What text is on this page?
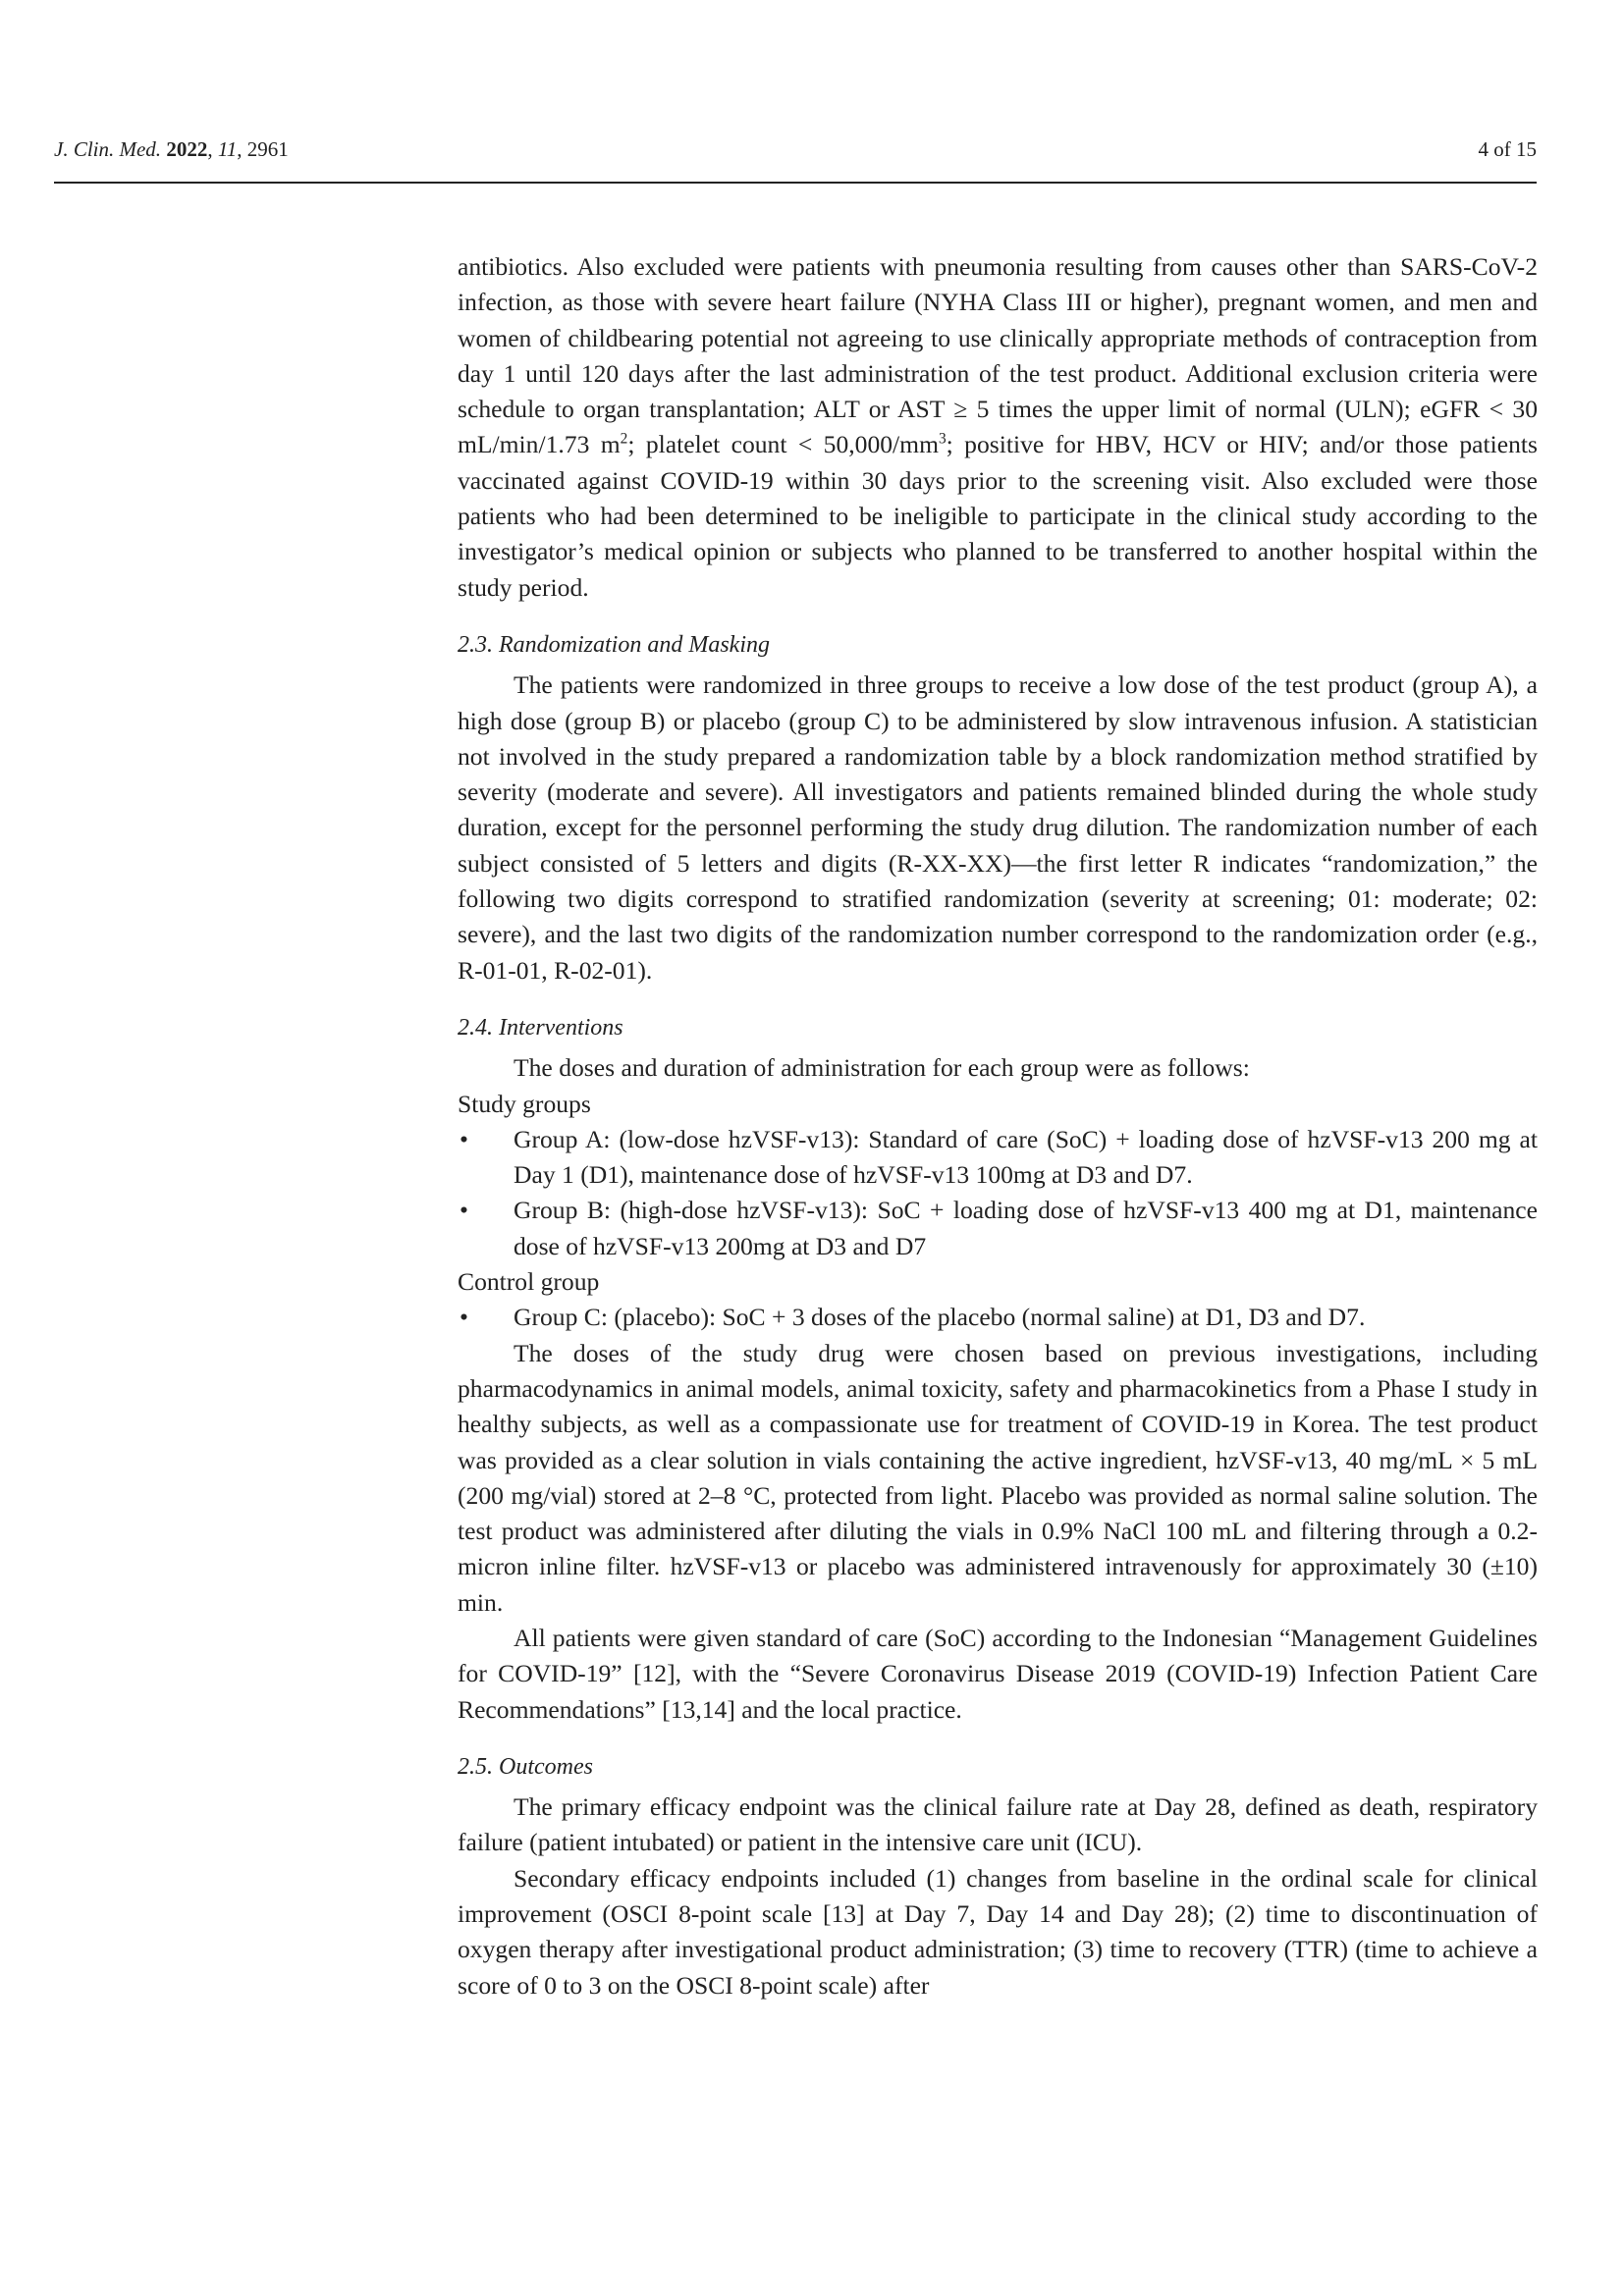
J. Clin. Med. 2022, 11, 2961	4 of 15

antibiotics. Also excluded were patients with pneumonia resulting from causes other than SARS-CoV-2 infection, as those with severe heart failure (NYHA Class III or higher), pregnant women, and men and women of childbearing potential not agreeing to use clinically appropriate methods of contraception from day 1 until 120 days after the last administration of the test product. Additional exclusion criteria were schedule to organ transplantation; ALT or AST ≥ 5 times the upper limit of normal (ULN); eGFR < 30 mL/min/1.73 $m^2$; platelet count < $50,000/mm^3$; positive for HBV, HCV or HIV; and/or those patients vaccinated against COVID-19 within 30 days prior to the screening visit. Also excluded were those patients who had been determined to be ineligible to participate in the clinical study according to the investigator’s medical opinion or subjects who planned to be transferred to another hospital within the study period.

2.3. Randomization and Masking

The patients were randomized in three groups to receive a low dose of the test product (group A), a high dose (group B) or placebo (group C) to be administered by slow intravenous infusion. A statistician not involved in the study prepared a randomization table by a block randomization method stratified by severity (moderate and severe). All investigators and patients remained blinded during the whole study duration, except for the personnel performing the study drug dilution. The randomization number of each subject consisted of 5 letters and digits (R-XX-XX)—the first letter R indicates “randomization,” the following two digits correspond to stratified randomization (severity at screening; 01: moderate; 02: severe), and the last two digits of the randomization number correspond to the randomization order (e.g., R-01-01, R-02-01).

2.4. Interventions

The doses and duration of administration for each group were as follows:

Study groups

• Group A: (low-dose hzVSF-v13): Standard of care (SoC) + loading dose of hzVSF-v13 200 mg at Day 1 (D1), maintenance dose of hzVSF-v13 100mg at D3 and D7.
• Group B: (high-dose hzVSF-v13): SoC + loading dose of hzVSF-v13 400 mg at D1, maintenance dose of hzVSF-v13 200mg at D3 and D7

Control group

• Group C: (placebo): SoC + 3 doses of the placebo (normal saline) at D1, D3 and D7.

The doses of the study drug were chosen based on previous investigations, including pharmacodynamics in animal models, animal toxicity, safety and pharmacokinetics from a Phase I study in healthy subjects, as well as a compassionate use for treatment of COVID-19 in Korea. The test product was provided as a clear solution in vials containing the active ingredient, hzVSF-v13, 40 mg/mL × 5 mL (200 mg/vial) stored at 2–8 °C, protected from light. Placebo was provided as normal saline solution. The test product was administered after diluting the vials in 0.9% NaCl 100 mL and filtering through a 0.2-micron inline filter. hzVSF-v13 or placebo was administered intravenously for approximately 30 (±10) min.

All patients were given standard of care (SoC) according to the Indonesian “Management Guidelines for COVID-19” [12], with the “Severe Coronavirus Disease 2019 (COVID-19) Infection Patient Care Recommendations” [13,14] and the local practice.

2.5. Outcomes

The primary efficacy endpoint was the clinical failure rate at Day 28, defined as death, respiratory failure (patient intubated) or patient in the intensive care unit (ICU).

Secondary efficacy endpoints included (1) changes from baseline in the ordinal scale for clinical improvement (OSCI 8-point scale [13] at Day 7, Day 14 and Day 28); (2) time to discontinuation of oxygen therapy after investigational product administration; (3) time to recovery (TTR) (time to achieve a score of 0 to 3 on the OSCI 8-point scale) after
